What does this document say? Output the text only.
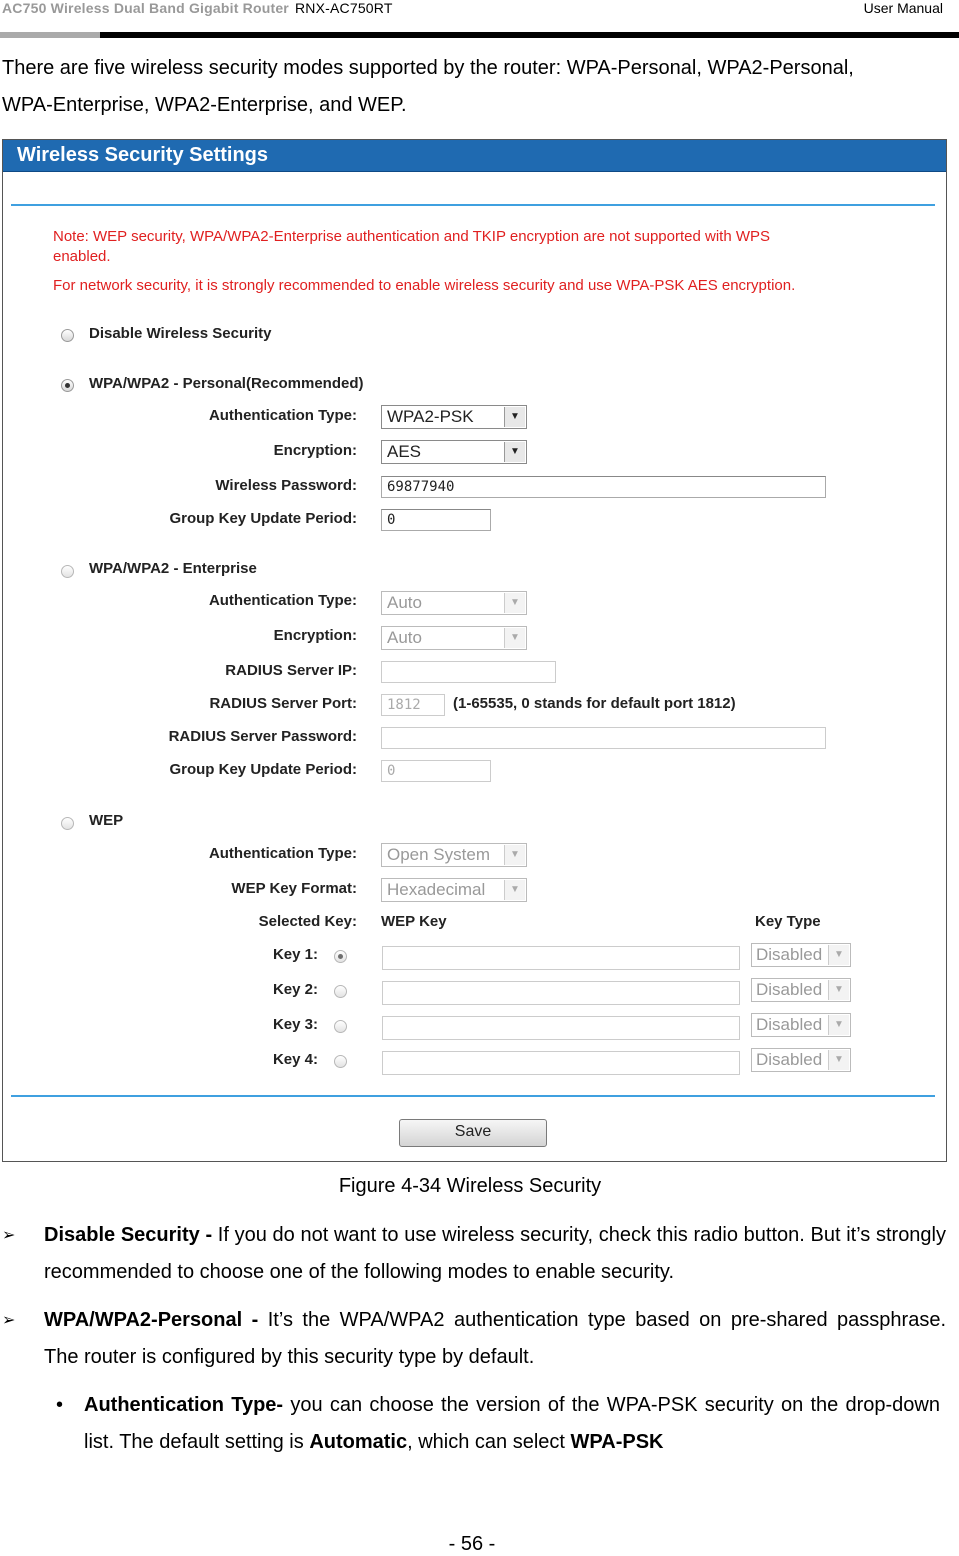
AC750 Wireless Dual Band Gigabit Router RNX-AC750RT	User Manual
There are five wireless security modes supported by the router: WPA-Personal, WPA2-Personal,
WPA-Enterprise, WPA2-Enterprise, and WEP.
Wireless Security Settings
Note: WEP security, WPA/WPA2-Enterprise authentication and TKIP encryption are not supported with WPS
enabled.
For network security, it is strongly recommended to enable wireless security and use WPA-PSK AES encryption.
Disable Wireless Security
WPA/WPA2 - Personal(Recommended)
Authentication Type:	WPA2-PSK	▼
Encryption:	AES	▼
Wireless Password:	69877940
Group Key Update Period:	0
WPA/WPA2 - Enterprise
Authentication Type:	Auto	▼
Encryption:	Auto	▼
RADIUS Server IP:
RADIUS Server Port:	1812	(1-65535, 0 stands for default port 1812)
RADIUS Server Password:
Group Key Update Period:	0
WEP
Authentication Type:	Open System	▼
WEP Key Format:	Hexadecimal	▼
Selected Key: WEP Key	Key Type
Key 1:	Disabled	▼
Key 2:	Disabled	▼
Key 3:	Disabled	▼
Key 4:	Disabled	▼
Save
Figure 4-34 Wireless Security
➢ Disable Security - If you do not want to use wireless security, check this radio button. But it’s strongly recommended to choose one of the following modes to enable security.
➢ WPA/WPA2-Personal - It’s the WPA/WPA2 authentication type based on pre-shared passphrase. The router is configured by this security type by default.
• Authentication Type- you can choose the version of the WPA-PSK security on the drop-down list. The default setting is Automatic, which can select WPA-PSK
- 56 -
